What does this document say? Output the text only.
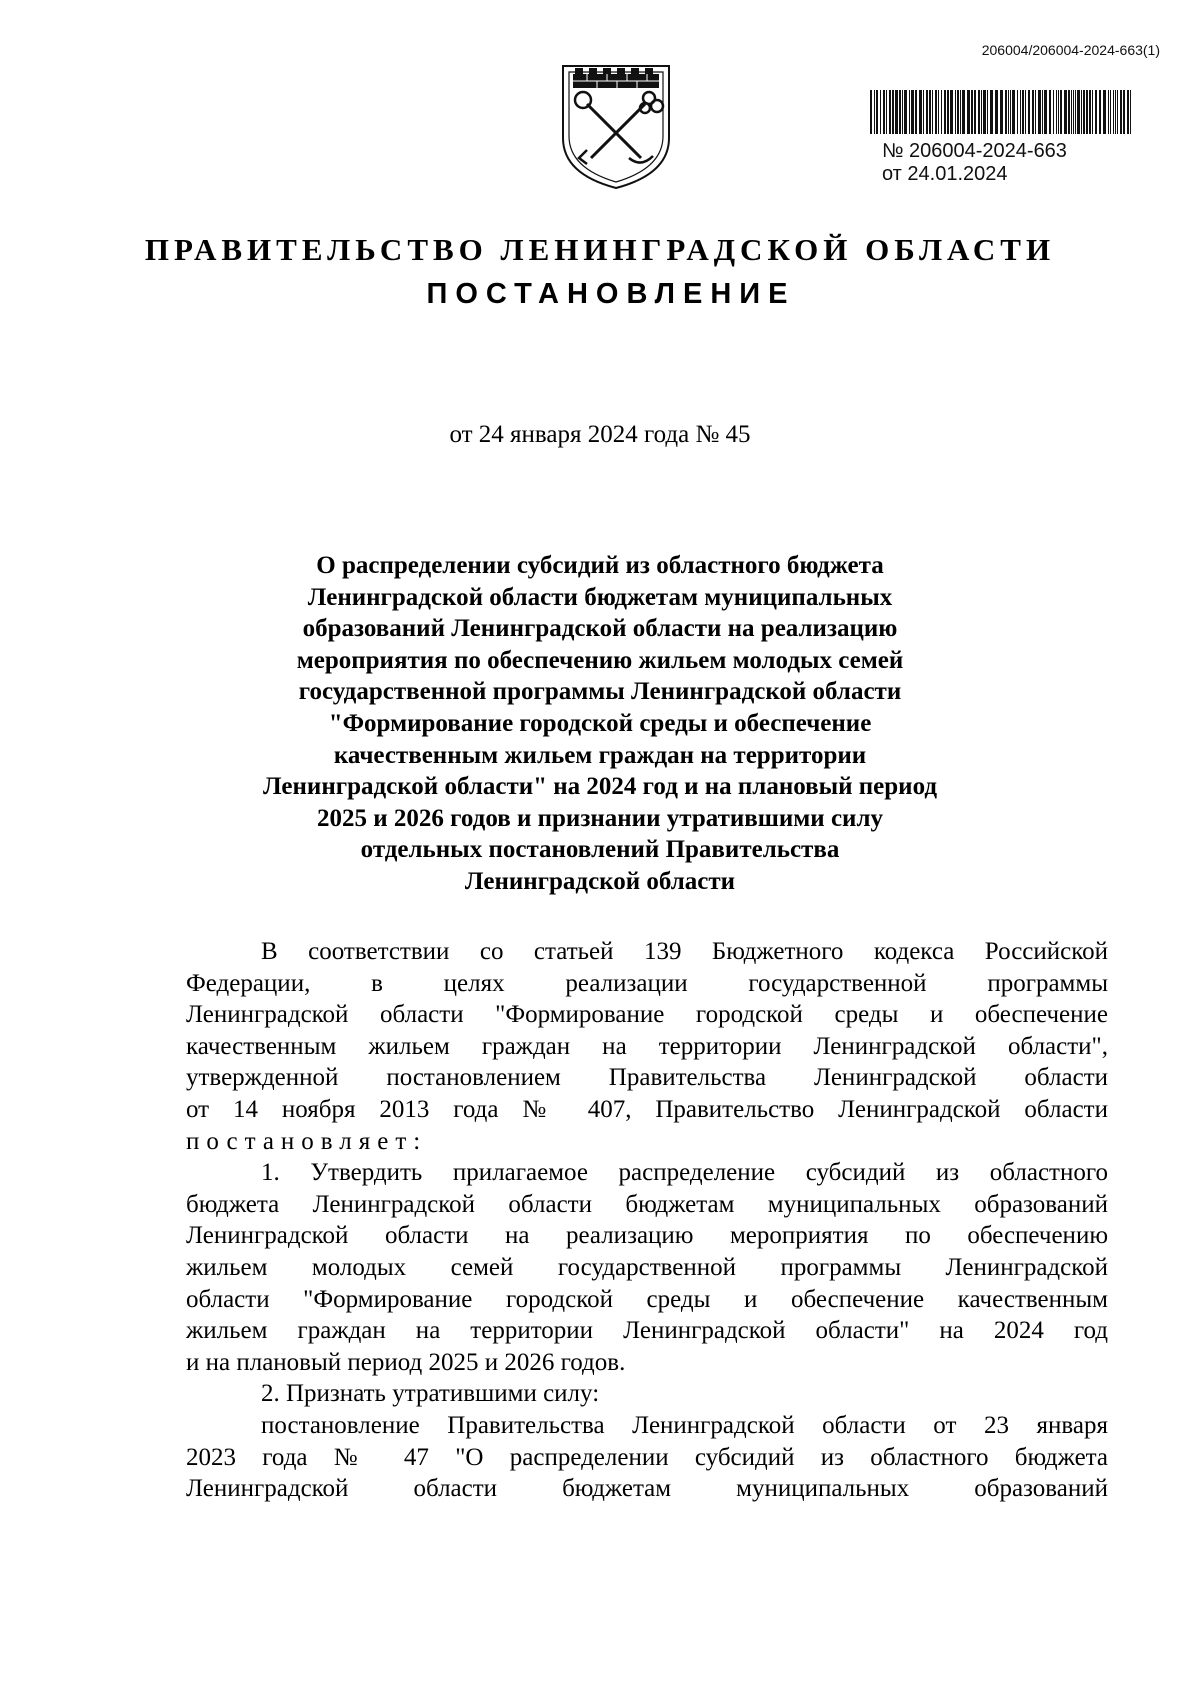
206004/206004-2024-663(1)
№ 206004-2024-663
от 24.01.2024
ПРАВИТЕЛЬСТВО ЛЕНИНГРАДСКОЙ ОБЛАСТИ
ПОСТАНОВЛЕНИЕ
от 24 января 2024 года № 45
О распределении субсидий из областного бюджета
Ленинградской области бюджетам муниципальных
образований Ленинградской области на реализацию
мероприятия по обеспечению жильем молодых семей
государственной программы Ленинградской области
"Формирование городской среды и обеспечение
качественным жильем граждан на территории
Ленинградской области" на 2024 год и на плановый период
2025 и 2026 годов и признании утратившими силу
отдельных постановлений Правительства
Ленинградской области
В соответствии со статьей 139 Бюджетного кодекса Российской
Федерации, в целях реализации государственной программы
Ленинградской области "Формирование городской среды и обеспечение
качественным жильем граждан на территории Ленинградской области",
утвержденной постановлением Правительства Ленинградской области
от 14 ноября 2013 года № 407, Правительство Ленинградской области
постановляет:
1. Утвердить прилагаемое распределение субсидий из областного
бюджета Ленинградской области бюджетам муниципальных образований
Ленинградской области на реализацию мероприятия по обеспечению
жильем молодых семей государственной программы Ленинградской
области "Формирование городской среды и обеспечение качественным
жильем граждан на территории Ленинградской области" на 2024 год
и на плановый период 2025 и 2026 годов.
2. Признать утратившими силу:
постановление Правительства Ленинградской области от 23 января
2023 года № 47 "О распределении субсидий из областного бюджета
Ленинградской области бюджетам муниципальных образований
